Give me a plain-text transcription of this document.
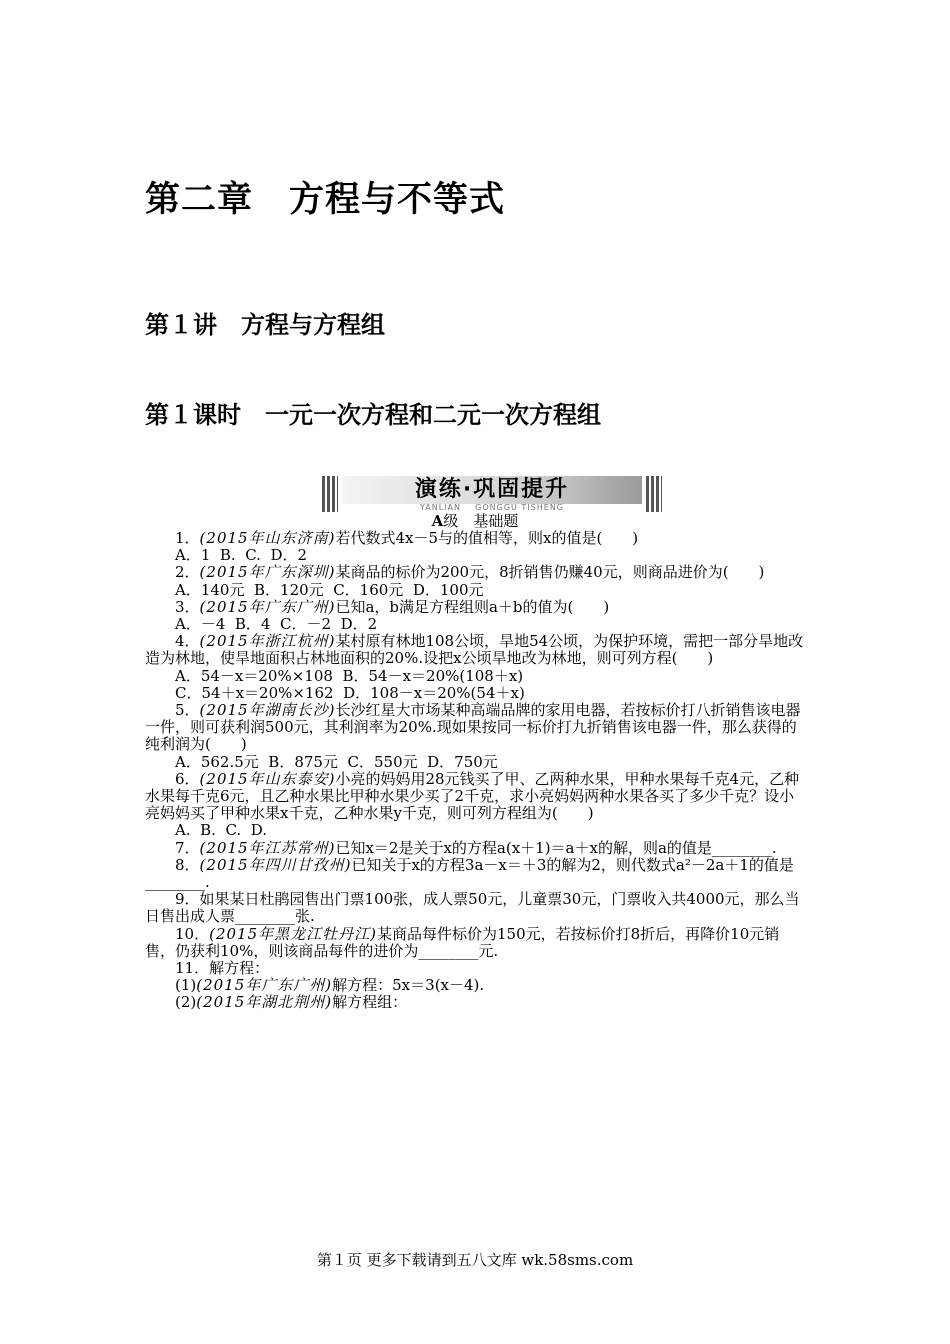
第二章　方程与不等式
第１讲　方程与方程组
第１课时　一元一次方程和二元一次方程组
演练·巩固提升
YANLIAN    GONGGU TISHENG
A级　基础题

1．(2015年山东济南)若代数式4x－5与的值相等，则x的值是(　　)

A．1  B.  C.  D．2

2．(2015年广东深圳)某商品的标价为200元，8折销售仍赚40元，则商品进价为(　　)

A．140元  B．120元  C．160元  D．100元

3．(2015年广东广州)已知a，b满足方程组则a＋b的值为(　　)

A．－4  B．4  C．－2  D．2

4．(2015年浙江杭州)某村原有林地108公顷，旱地54公顷，为保护环境，需把一部分旱地改造为林地，使旱地面积占林地面积的20%.设把x公顷旱地改为林地，则可列方程(　　)

A．54－x＝20%×108  B．54－x＝20%(108＋x)

C．54＋x＝20%×162  D．108－x＝20%(54＋x)

5．(2015年湖南长沙)长沙红星大市场某种高端品牌的家用电器，若按标价打八折销售该电器一件，则可获利润500元，其利润率为20%.现如果按同一标价打九折销售该电器一件，那么获得的纯利润为(　　)

A．562.5元  B．875元  C．550元  D．750元

6．(2015年山东泰安)小亮的妈妈用28元钱买了甲、乙两种水果，甲种水果每千克4元，乙种水果每千克6元，且乙种水果比甲种水果少买了2千克，求小亮妈妈两种水果各买了多少千克？设小亮妈妈买了甲种水果x千克，乙种水果y千克，则可列方程组为(　　)

A.  B.  C.  D.

7．(2015年江苏常州)已知x＝2是关于x的方程a(x＋1)＝a＋x的解，则a的值是________.

8．(2015年四川甘孜州)已知关于x的方程3a－x＝＋3的解为2，则代数式a²－2a＋1的值是________.

9．如果某日杜鹃园售出门票100张，成人票50元，儿童票30元，门票收入共4000元，那么当日售出成人票________张.

10．(2015年黑龙江牡丹江)某商品每件标价为150元，若按标价打8折后，再降价10元销售，仍获利10%，则该商品每件的进价为________元.

11．解方程：

(1)(2015年广东广州)解方程：5x＝3(x－4).

(2)(2015年湖北荆州)解方程组：

第１页 更多下载请到五八文库 wk.58sms.com
